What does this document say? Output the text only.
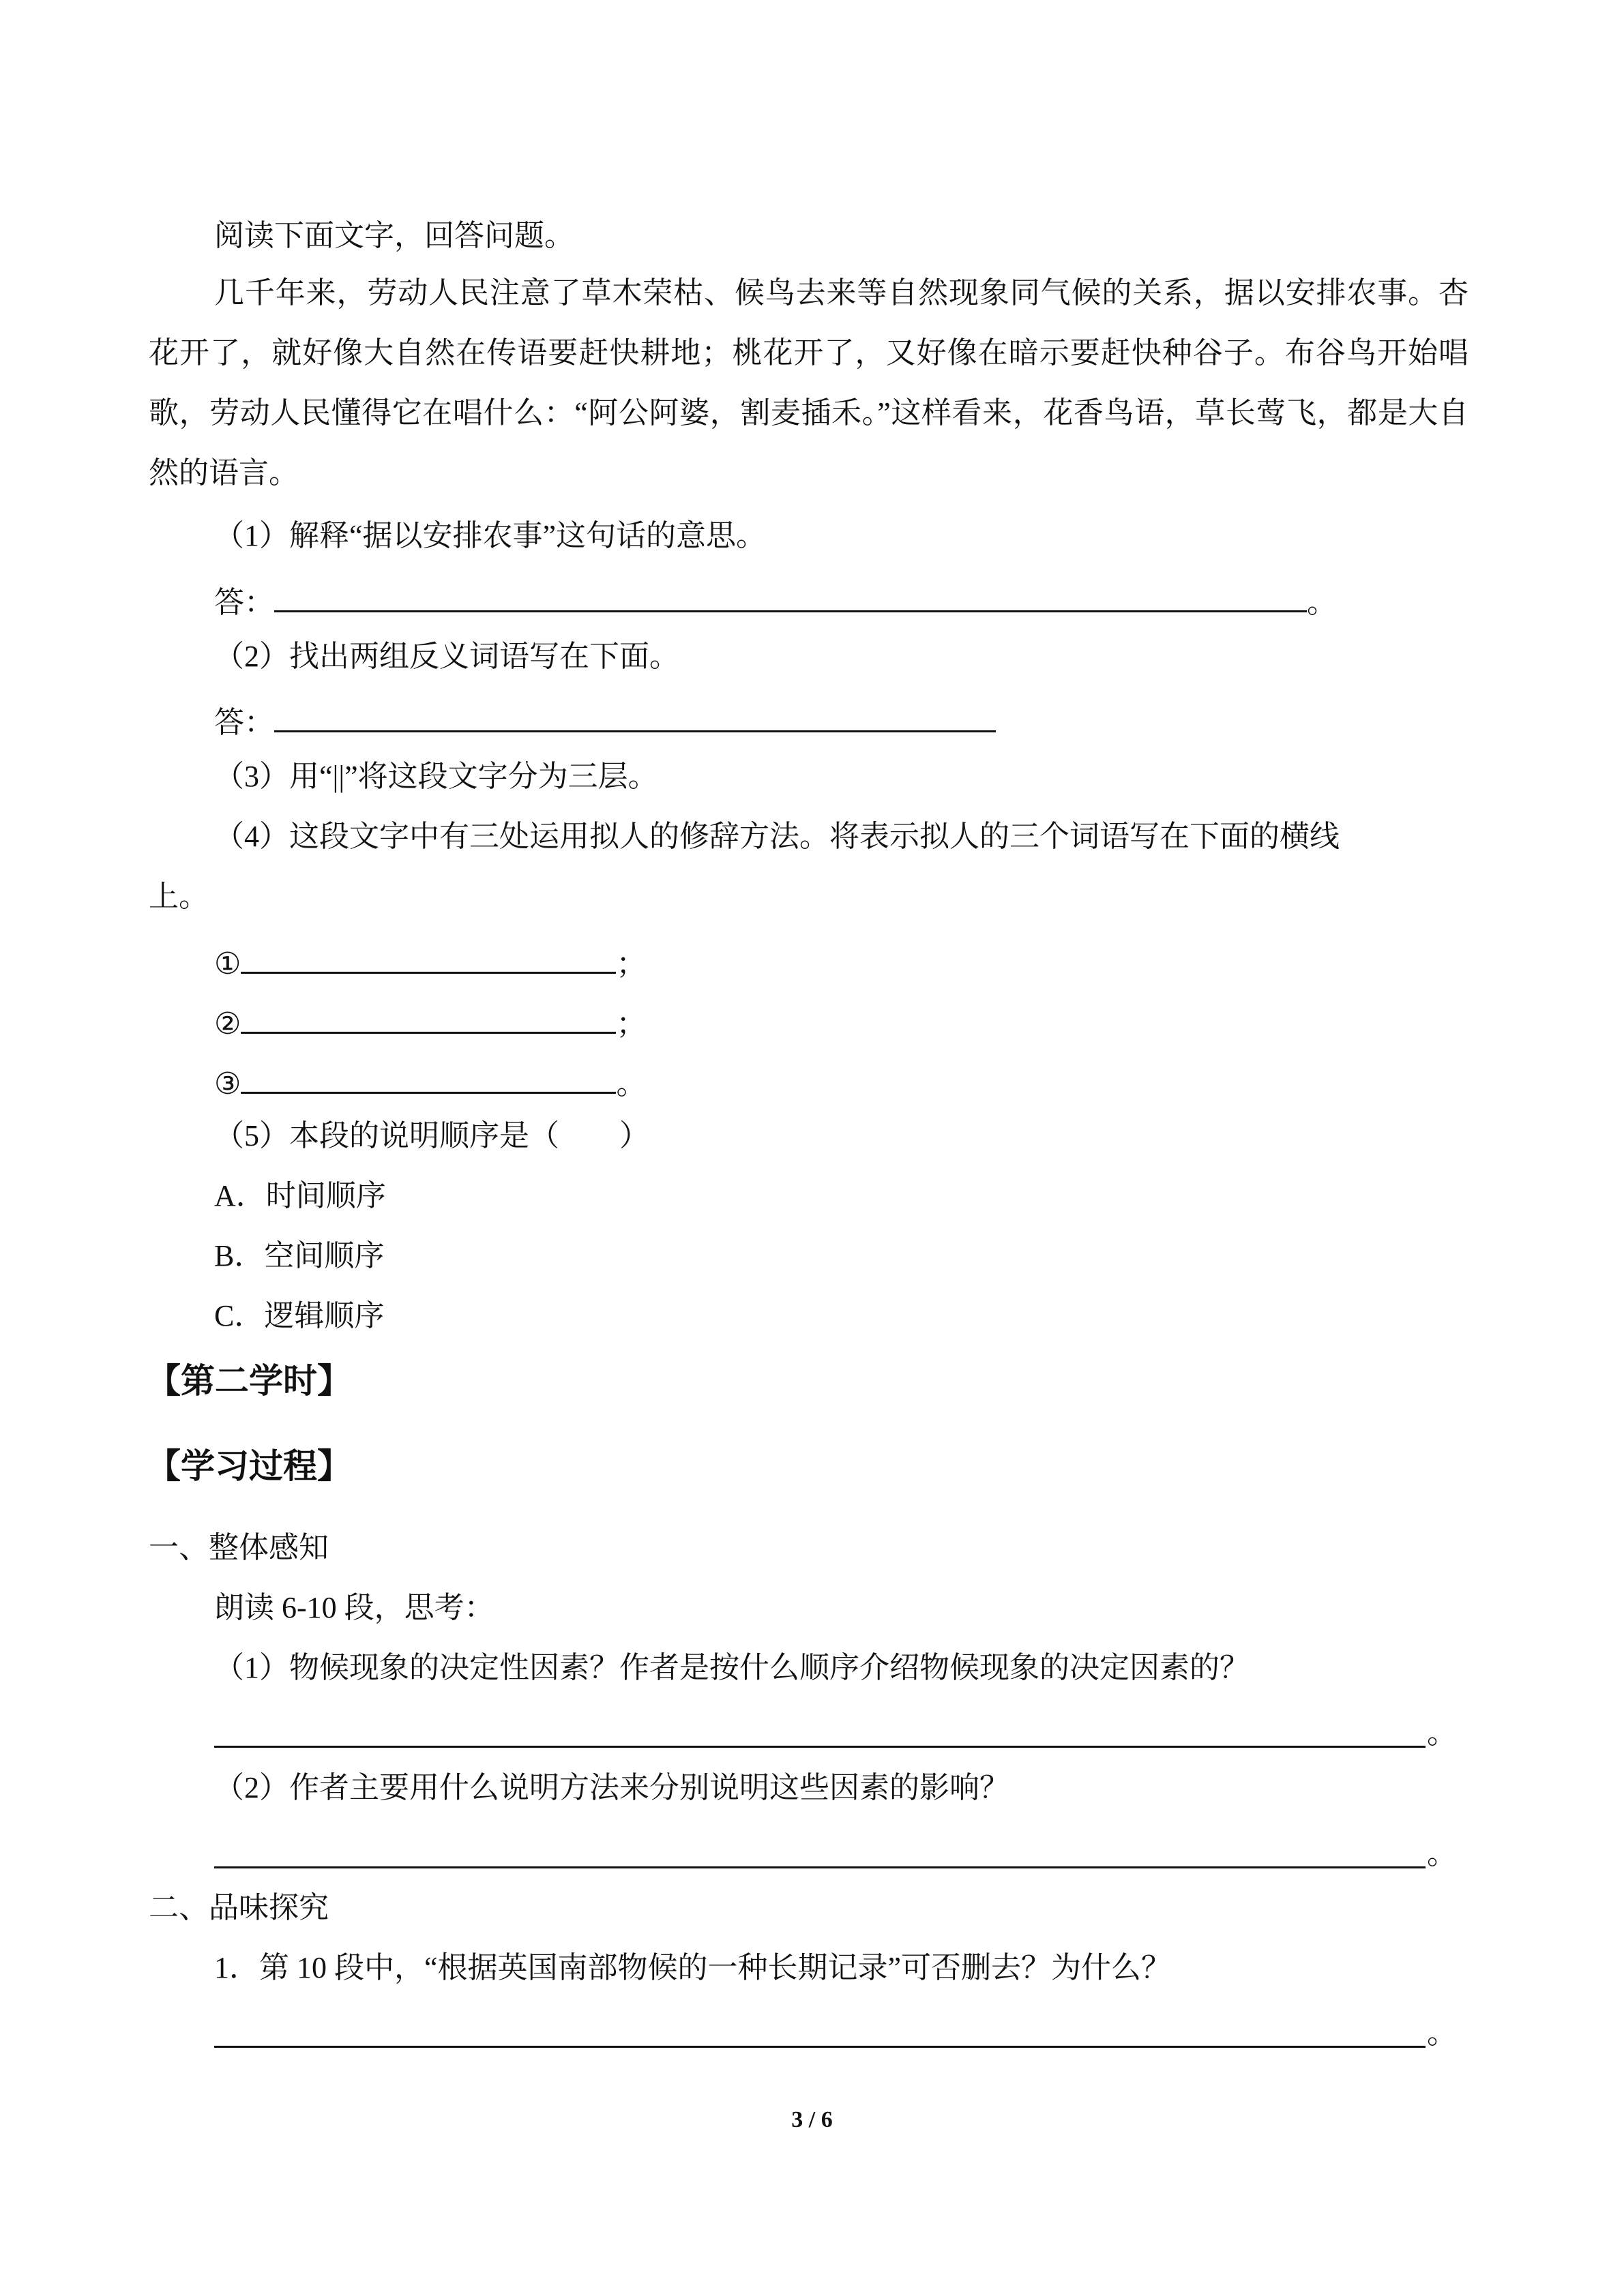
阅读下面文字，回答问题。
几千年来，劳动人民注意了草木荣枯、候鸟去来等自然现象同气候的关系，据以安排农事。杏花开了，就好像大自然在传语要赶快耕地；桃花开了，又好像在暗示要赶快种谷子。布谷鸟开始唱歌，劳动人民懂得它在唱什么：“阿公阿婆，割麦插禾。”这样看来，花香鸟语，草长莺飞，都是大自然的语言。
（1）解释“据以安排农事”这句话的意思。
答：	。
（2）找出两组反义词语写在下面。
答：
（3）用“||”将这段文字分为三层。
（4）这段文字中有三处运用拟人的修辞方法。将表示拟人的三个词语写在下面的横线
上。
①	；
②	；
③	。
（5）本段的说明顺序是（　　）
A．时间顺序
B．空间顺序
C．逻辑顺序
【第二学时】
【学习过程】
一、整体感知
朗读 6-10 段，思考：
（1）物候现象的决定性因素？作者是按什么顺序介绍物候现象的决定因素的？
。
（2）作者主要用什么说明方法来分别说明这些因素的影响？
。
二、品味探究
1．第 10 段中，“根据英国南部物候的一种长期记录”可否删去？为什么？
。
3 / 6
